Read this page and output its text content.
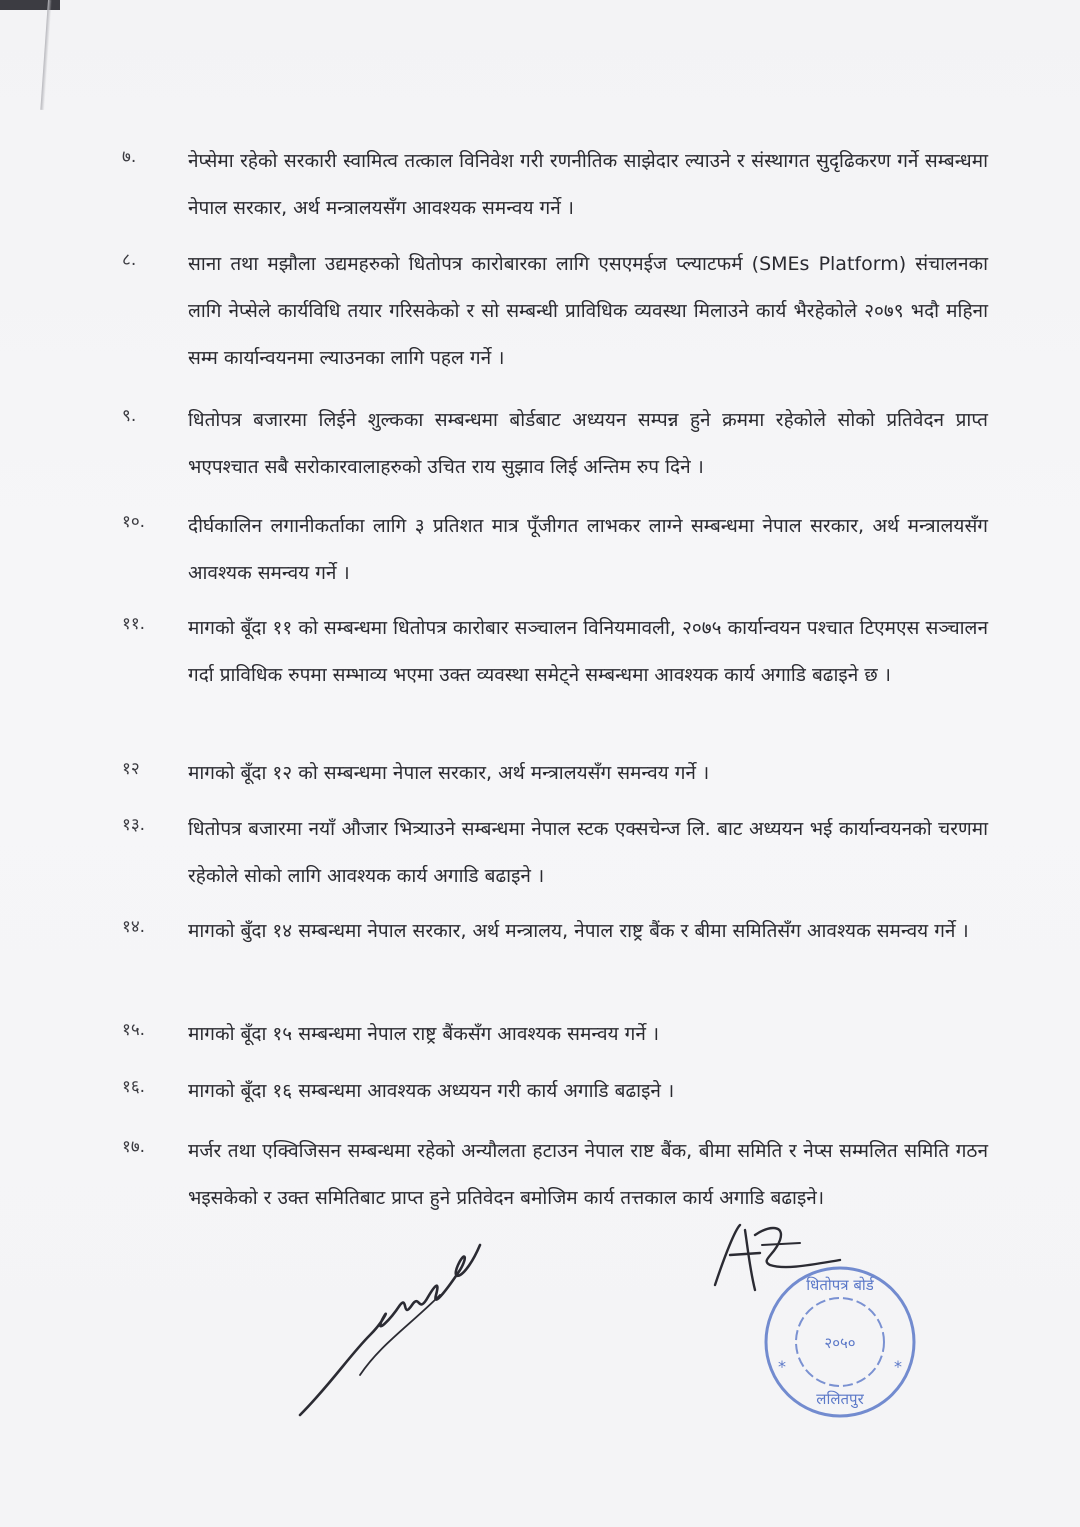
७.	नेप्सेमा रहेको सरकारी स्वामित्व तत्काल विनिवेश गरी रणनीतिक साझेदार ल्याउने र संस्थागत सुदृढिकरण गर्ने सम्बन्धमा नेपाल सरकार, अर्थ मन्त्रालयसँग आवश्यक समन्वय गर्ने ।
८.	साना तथा मझौला उद्यमहरुको धितोपत्र कारोबारका लागि एसएमईज प्ल्याटफर्म (SMEs Platform) संचालनका लागि नेप्सेले कार्यविधि तयार गरिसकेको र सो सम्बन्धी प्राविधिक व्यवस्था मिलाउने कार्य भैरहेकोले २०७९ भदौ महिना सम्म कार्यान्वयनमा ल्याउनका लागि पहल गर्ने ।
९.	धितोपत्र बजारमा लिईने शुल्कका सम्बन्धमा बोर्डबाट अध्ययन सम्पन्न हुने क्रममा रहेकोले सोको प्रतिवेदन प्राप्त भएपश्चात सबै सरोकारवालाहरुको उचित राय सुझाव लिई अन्तिम रुप दिने ।
१०. दीर्घकालिन लगानीकर्ताका लागि ३ प्रतिशत मात्र पूँजीगत लाभकर लाग्ने सम्बन्धमा नेपाल सरकार, अर्थ मन्त्रालयसँग आवश्यक समन्वय गर्ने ।
११. मागको बूँदा ११ को सम्बन्धमा धितोपत्र कारोबार सञ्चालन विनियमावली, २०७५ कार्यान्वयन पश्चात टिएमएस सञ्चालन गर्दा प्राविधिक रुपमा सम्भाव्य भएमा उक्त व्यवस्था समेट्ने सम्बन्धमा आवश्यक कार्य अगाडि बढाइने छ ।
१२	मागको बूँदा १२ को सम्बन्धमा नेपाल सरकार, अर्थ मन्त्रालयसँग समन्वय गर्ने ।
१३. धितोपत्र बजारमा नयाँ औजार भित्र्याउने सम्बन्धमा नेपाल स्टक एक्सचेन्ज लि. बाट अध्ययन भई कार्यान्वयनको चरणमा रहेकोले सोको लागि आवश्यक कार्य अगाडि बढाइने ।
१४. मागको बुँदा १४ सम्बन्धमा नेपाल सरकार, अर्थ मन्त्रालय, नेपाल राष्ट्र बैंक र बीमा समितिसँग आवश्यक समन्वय गर्ने ।
१५. मागको बूँदा १५ सम्बन्धमा नेपाल राष्ट्र बैंकसँग आवश्यक समन्वय गर्ने ।
१६. मागको बूँदा १६ सम्बन्धमा आवश्यक अध्ययन गरी कार्य अगाडि बढाइने ।
१७. मर्जर तथा एक्विजिसन सम्बन्धमा रहेको अन्यौलता हटाउन नेपाल राष्ट बैंक, बीमा समिति र नेप्स सम्मलित समिति गठन भइसकेको र उक्त समितिबाट प्राप्त हुने प्रतिवेदन बमोजिम कार्य तत्तकाल कार्य अगाडि बढाइने।
धितोपत्र बोर्ड
२०५०
ललितपुर
*	*
